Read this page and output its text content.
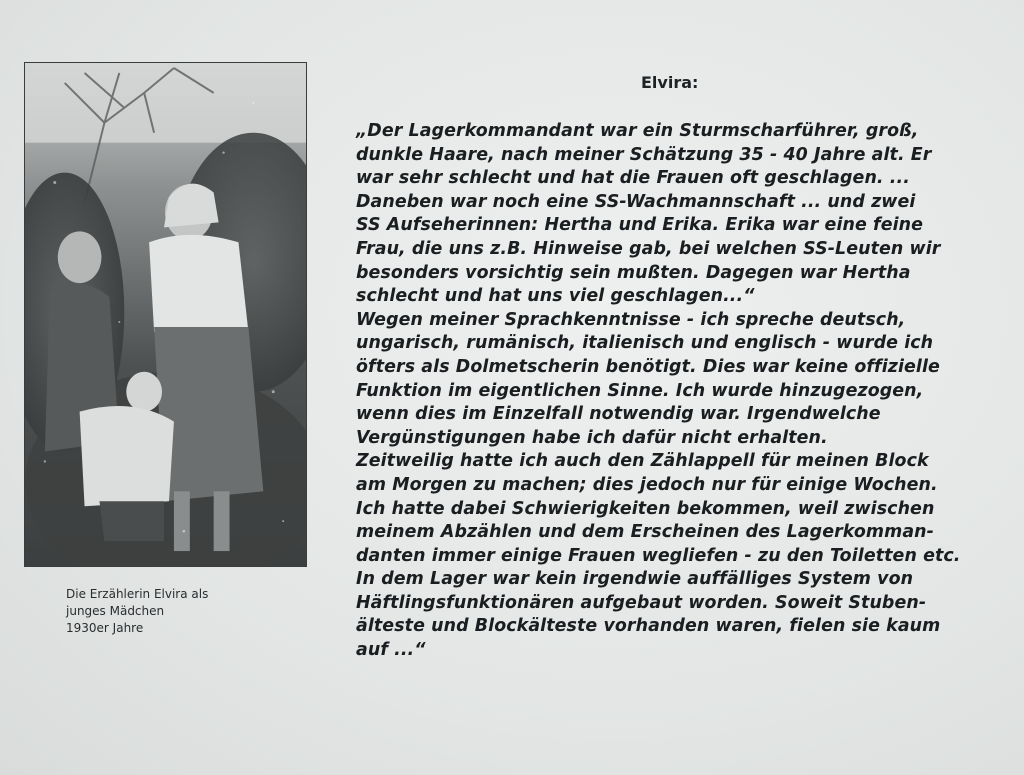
Die Erzählerin Elvira als
junges Mädchen
1930er Jahre
Elvira:
„Der Lagerkommandant war ein Sturmscharführer, groß,
dunkle Haare, nach meiner Schätzung 35 - 40 Jahre alt. Er
war sehr schlecht und hat die Frauen oft geschlagen. ...
Daneben war noch eine SS-Wachmannschaft ... und zwei
SS Aufseherinnen: Hertha und Erika. Erika war eine feine
Frau, die uns z.B. Hinweise gab, bei welchen SS-Leuten wir
besonders vorsichtig sein mußten. Dagegen war Hertha
schlecht und hat uns viel geschlagen...“
Wegen meiner Sprachkenntnisse - ich spreche deutsch,
ungarisch, rumänisch, italienisch und englisch - wurde ich
öfters als Dolmetscherin benötigt. Dies war keine offizielle
Funktion im eigentlichen Sinne. Ich wurde hinzugezogen,
wenn dies im Einzelfall notwendig war. Irgendwelche
Vergünstigungen habe ich dafür nicht erhalten.
Zeitweilig hatte ich auch den Zählappell für meinen Block
am Morgen zu machen; dies jedoch nur für einige Wochen.
Ich hatte dabei Schwierigkeiten bekommen, weil zwischen
meinem Abzählen und dem Erscheinen des Lagerkomman-
danten immer einige Frauen wegliefen - zu den Toiletten etc.
In dem Lager war kein irgendwie auffälliges System von
Häftlingsfunktionären aufgebaut worden. Soweit Stuben-
älteste und Blockälteste vorhanden waren, fielen sie kaum
auf ...“
